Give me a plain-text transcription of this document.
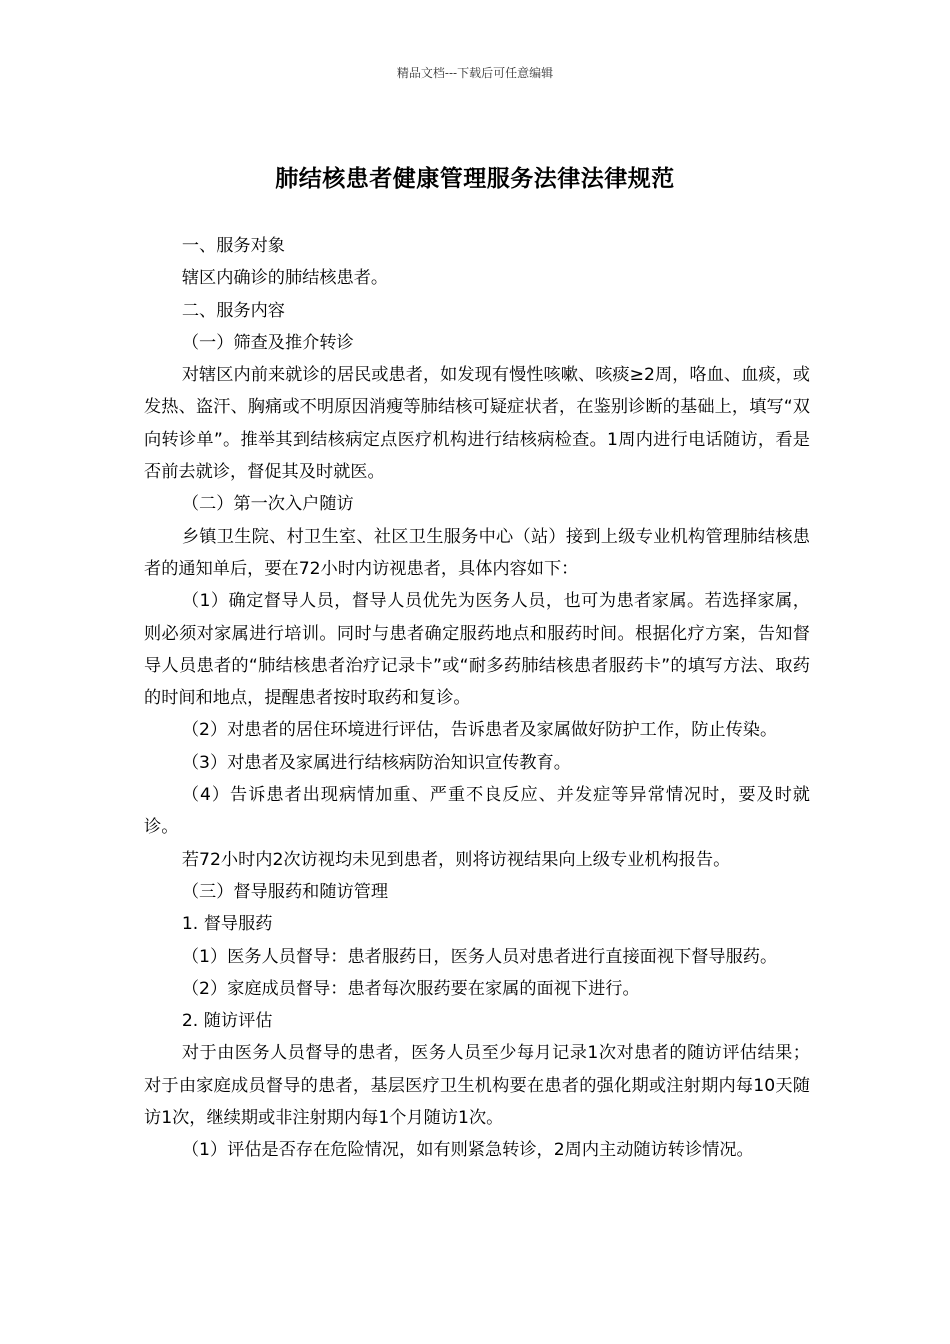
精品文档---下载后可任意编辑
肺结核患者健康管理服务法律法律规范

一、服务对象

辖区内确诊的肺结核患者。

二、服务内容

（一）筛查及推介转诊

对辖区内前来就诊的居民或患者，如发现有慢性咳嗽、咳痰≥2周，咯血、血痰，或发热、盗汗、胸痛或不明原因消瘦等肺结核可疑症状者，在鉴别诊断的基础上，填写“双向转诊单”。推举其到结核病定点医疗机构进行结核病检查。1周内进行电话随访，看是否前去就诊，督促其及时就医。

（二）第一次入户随访

乡镇卫生院、村卫生室、社区卫生服务中心（站）接到上级专业机构管理肺结核患者的通知单后，要在72小时内访视患者，具体内容如下：

（1）确定督导人员，督导人员优先为医务人员，也可为患者家属。若选择家属，则必须对家属进行培训。同时与患者确定服药地点和服药时间。根据化疗方案，告知督导人员患者的“肺结核患者治疗记录卡”或“耐多药肺结核患者服药卡”的填写方法、取药的时间和地点，提醒患者按时取药和复诊。

（2）对患者的居住环境进行评估，告诉患者及家属做好防护工作，防止传染。

（3）对患者及家属进行结核病防治知识宣传教育。

（4）告诉患者出现病情加重、严重不良反应、并发症等异常情况时，要及时就诊。

若72小时内2次访视均未见到患者，则将访视结果向上级专业机构报告。

（三）督导服药和随访管理

1. 督导服药

（1）医务人员督导：患者服药日，医务人员对患者进行直接面视下督导服药。

（2）家庭成员督导：患者每次服药要在家属的面视下进行。

2. 随访评估

对于由医务人员督导的患者，医务人员至少每月记录1次对患者的随访评估结果；对于由家庭成员督导的患者，基层医疗卫生机构要在患者的强化期或注射期内每10天随访1次，继续期或非注射期内每1个月随访1次。

（1）评估是否存在危险情况，如有则紧急转诊，2周内主动随访转诊情况。
